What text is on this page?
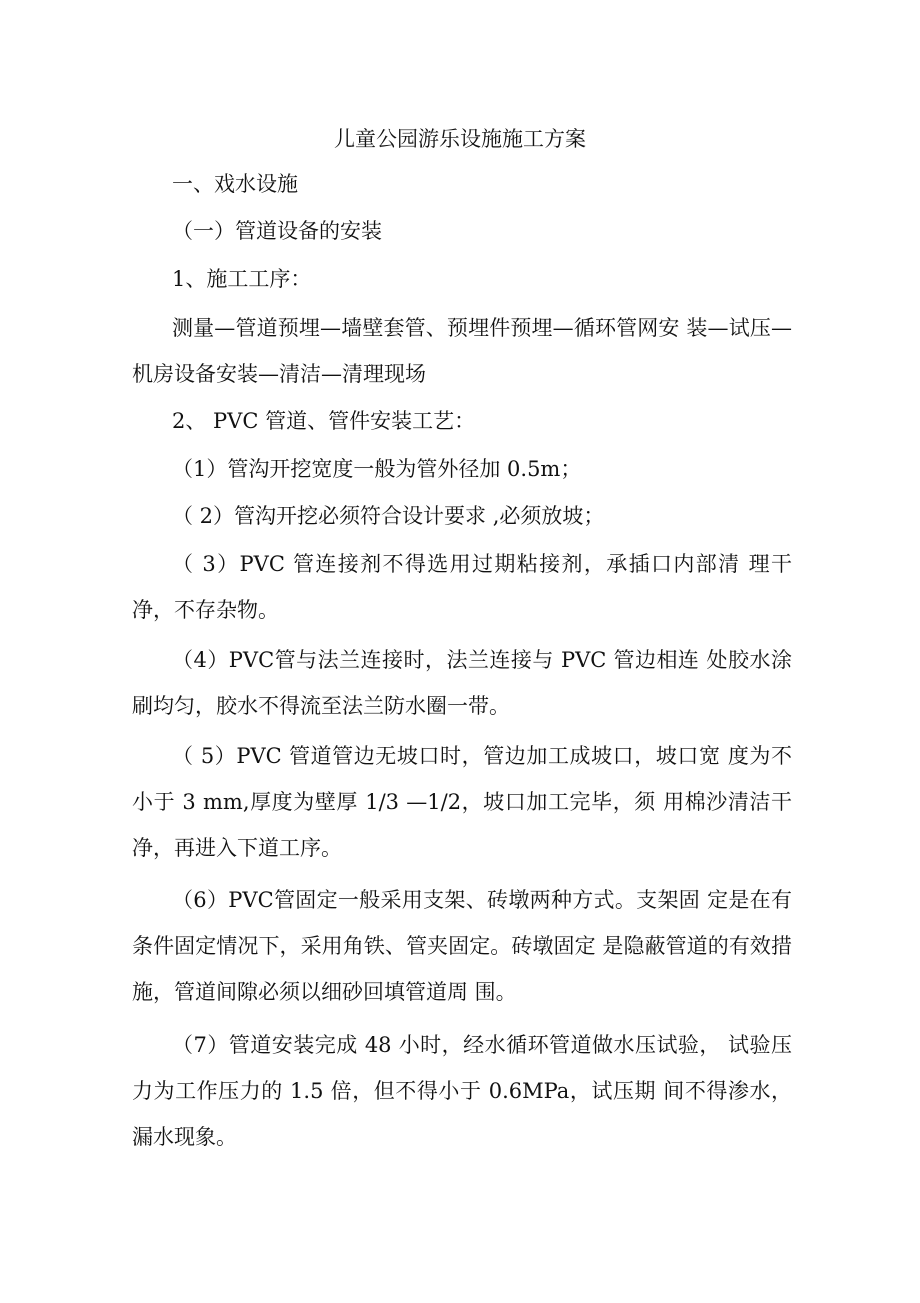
儿童公园游乐设施施工方案

一、戏水设施

（一）管道设备的安装

1、施工工序：

测量—管道预埋—墙壁套管、预埋件预埋—循环管网安 装—试压—机房设备安装—清洁—清理现场

2、 PVC 管道、管件安装工艺：

（1）管沟开挖宽度一般为管外径加 0.5m；

（ 2）管沟开挖必须符合设计要求 ,必须放坡；

（ 3）PVC 管连接剂不得选用过期粘接剂，承插口内部清 理干净，不存杂物。

（4）PVC管与法兰连接时，法兰连接与 PVC 管边相连 处胶水涂刷均匀，胶水不得流至法兰防水圈一带。

（ 5）PVC 管道管边无坡口时，管边加工成坡口，坡口宽 度为不小于 3 mm,厚度为壁厚 1/3 —1/2，坡口加工完毕，须 用棉沙清洁干净，再进入下道工序。

（6）PVC管固定一般采用支架、砖墩两种方式。支架固 定是在有条件固定情况下，采用角铁、管夹固定。砖墩固定 是隐蔽管道的有效措施，管道间隙必须以细砂回填管道周 围。

（7）管道安装完成 48 小时，经水循环管道做水压试验， 试验压力为工作压力的 1.5 倍，但不得小于 0.6MPa，试压期 间不得渗水，漏水现象。
